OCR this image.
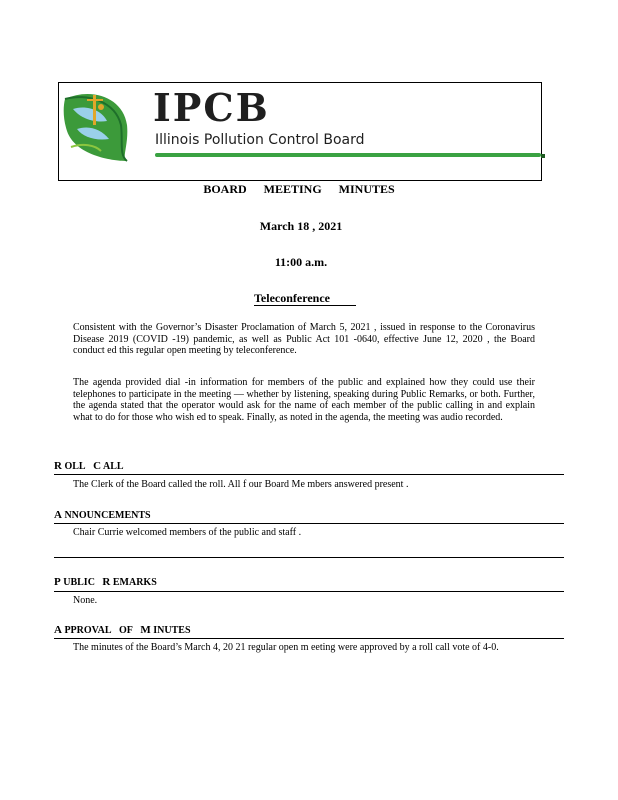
IPCB
Illinois Pollution Control Board
BOARD MEETING MINUTES
March 18 , 2021
11:00 a.m.
Teleconference
Consistent with the Governor’s Disaster Proclamation of March 5, 2021 , issued in response to the Coronavirus Disease 2019 (COVID -19) pandemic, as well as Public Act 101 -0640, effective June 12, 2020 , the Board conduct ed this regular open meeting by teleconference.
The agenda provided dial -in information for members of the public and explained how they could use their telephones to participate in the meeting — whether by listening, speaking during Public Remarks, or both. Further, the agenda stated that the operator would ask for the name of each member of the public calling in and explain what to do for those who wish ed to speak. Finally, as noted in the agenda, the meeting was audio recorded.
R OLL C ALL
The Clerk of the Board called the roll. All f our Board Me mbers answered present .
A NNOUNCEMENTS
Chair Currie welcomed members of the public and staff .
P UBLIC R EMARKS
None.
A PPROVAL OF M INUTES
The minutes of the Board’s March 4, 20 21 regular open m eeting were approved by a roll call vote of 4-0.
